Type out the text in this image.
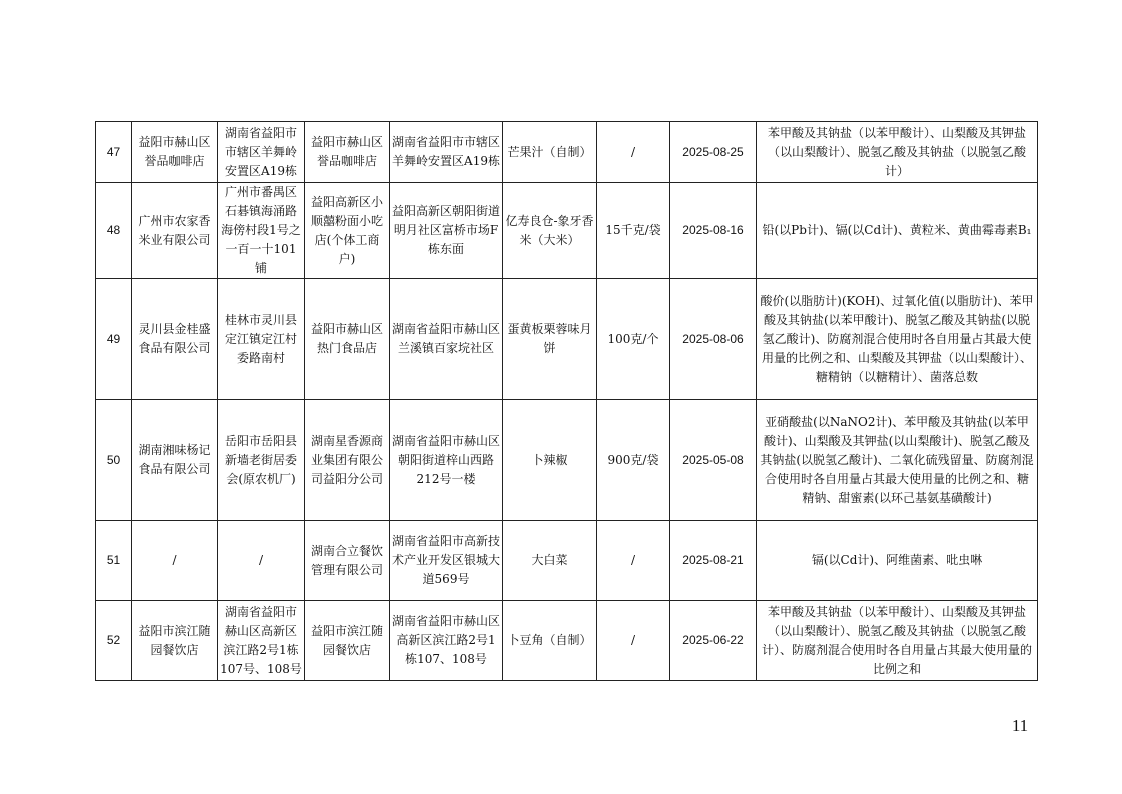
47	益阳市赫山区誉品咖啡店	湖南省益阳市市辖区羊舞岭安置区A19栋	益阳市赫山区誉品咖啡店	湖南省益阳市市辖区羊舞岭安置区A19栋	芒果汁（自制）	/	2025-08-25	苯甲酸及其钠盐（以苯甲酸计）、山梨酸及其钾盐（以山梨酸计）、脱氢乙酸及其钠盐（以脱氢乙酸计）
48	广州市农家香米业有限公司	广州市番禺区石碁镇海涌路海傍村段1号之一百一十101铺	益阳高新区小顺囍粉面小吃店(个体工商户)	益阳高新区朝阳街道明月社区富桥市场F栋东面	亿寿良仓-象牙香米（大米）	15千克/袋	2025-08-16	铅(以Pb计)、镉(以Cd计)、黄粒米、黄曲霉毒素B₁
49	灵川县金桂盛食品有限公司	桂林市灵川县定江镇定江村委路南村	益阳市赫山区热门食品店	湖南省益阳市赫山区兰溪镇百家垸社区	蛋黄板栗蓉味月饼	100克/个	2025-08-06	酸价(以脂肪计)(KOH)、过氧化值(以脂肪计)、苯甲酸及其钠盐(以苯甲酸计)、脱氢乙酸及其钠盐(以脱氢乙酸计)、防腐剂混合使用时各自用量占其最大使用量的比例之和、山梨酸及其钾盐（以山梨酸计）、糖精钠（以糖精计）、菌落总数
50	湖南湘味杨记食品有限公司	岳阳市岳阳县新墙老街居委会(原农机厂)	湖南星香源商业集团有限公司益阳分公司	湖南省益阳市赫山区朝阳街道梓山西路212号一楼	卜辣椒	900克/袋	2025-05-08	亚硝酸盐(以NaNO2计)、苯甲酸及其钠盐(以苯甲酸计)、山梨酸及其钾盐(以山梨酸计)、脱氢乙酸及其钠盐(以脱氢乙酸计)、二氧化硫残留量、防腐剂混合使用时各自用量占其最大使用量的比例之和、糖精钠、甜蜜素(以环己基氨基磺酸计)
51	/	/	湖南合立餐饮管理有限公司	湖南省益阳市高新技术产业开发区银城大道569号	大白菜	/	2025-08-21	镉(以Cd计)、阿维菌素、吡虫啉
52	益阳市滨江随园餐饮店	湖南省益阳市赫山区高新区滨江路2号1栋107号、108号	益阳市滨江随园餐饮店	湖南省益阳市赫山区高新区滨江路2号1栋107、108号	卜豆角（自制）	/	2025-06-22	苯甲酸及其钠盐（以苯甲酸计）、山梨酸及其钾盐（以山梨酸计）、脱氢乙酸及其钠盐（以脱氢乙酸计）、防腐剂混合使用时各自用量占其最大使用量的比例之和
11
